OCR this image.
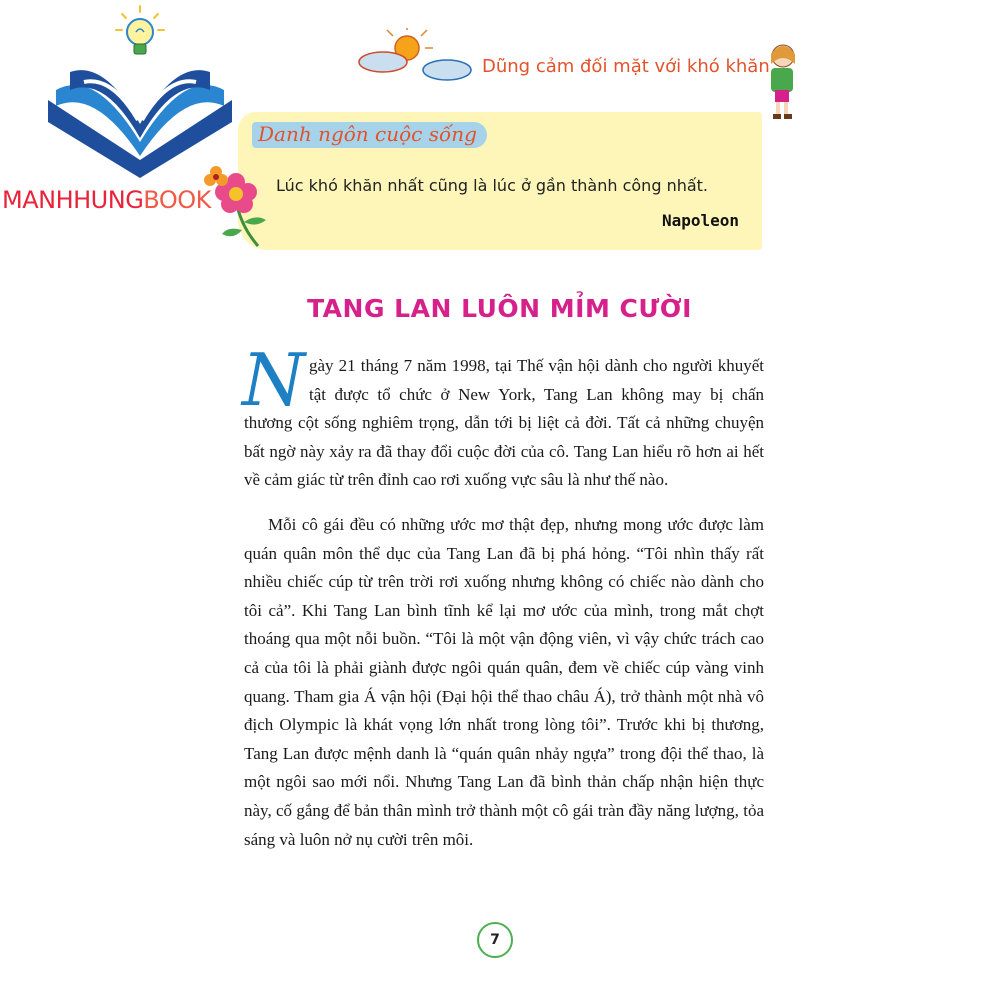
Dũng cảm đối mặt với khó khăn
Danh ngôn cuộc sống
Lúc khó khăn nhất cũng là lúc ở gần thành công nhất.
Napoleon
MANHHUNGBOOK
TANG LAN LUÔN MỈM CƯỜI

Ngày 21 tháng 7 năm 1998, tại Thế vận hội dành cho người khuyết tật được tổ chức ở New York, Tang Lan không may bị chấn thương cột sống nghiêm trọng, dẫn tới bị liệt cả đời. Tất cả những chuyện bất ngờ này xảy ra đã thay đổi cuộc đời của cô. Tang Lan hiểu rõ hơn ai hết về cảm giác từ trên đỉnh cao rơi xuống vực sâu là như thế nào.

Mỗi cô gái đều có những ước mơ thật đẹp, nhưng mong ước được làm quán quân môn thể dục của Tang Lan đã bị phá hỏng. “Tôi nhìn thấy rất nhiều chiếc cúp từ trên trời rơi xuống nhưng không có chiếc nào dành cho tôi cả”. Khi Tang Lan bình tĩnh kể lại mơ ước của mình, trong mắt chợt thoáng qua một nỗi buồn. “Tôi là một vận động viên, vì vậy chức trách cao cả của tôi là phải giành được ngôi quán quân, đem về chiếc cúp vàng vinh quang. Tham gia Á vận hội (Đại hội thể thao châu Á), trở thành một nhà vô địch Olympic là khát vọng lớn nhất trong lòng tôi”. Trước khi bị thương, Tang Lan được mệnh danh là “quán quân nhảy ngựa” trong đội thể thao, là một ngôi sao mới nổi. Nhưng Tang Lan đã bình thản chấp nhận hiện thực này, cố gắng để bản thân mình trở thành một cô gái tràn đầy năng lượng, tỏa sáng và luôn nở nụ cười trên môi.

7
